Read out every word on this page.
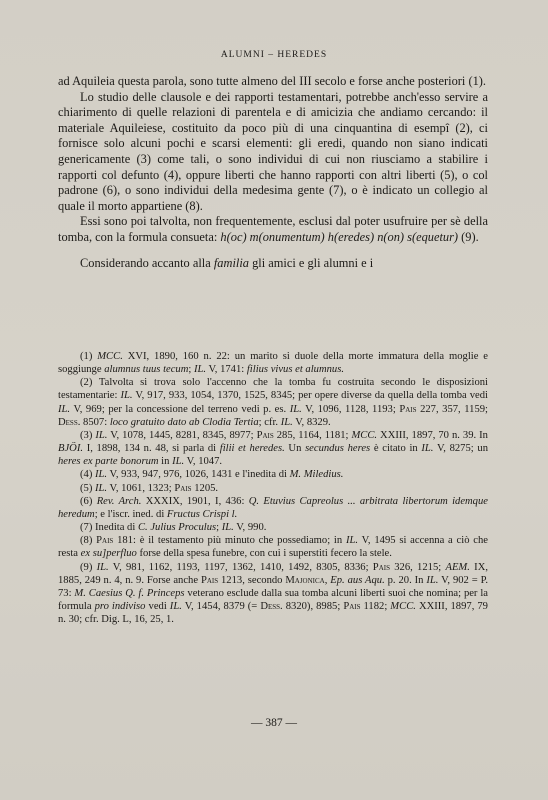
ALUMNI – HEREDES

ad Aquileia questa parola, sono tutte almeno del III secolo e forse anche posteriori (1).

Lo studio delle clausole e dei rapporti testamentari, potrebbe anch'esso servire a chiarimento di quelle relazioni di parentela e di amicizia che andiamo cercando: il materiale Aquileiese, costituito da poco più di una cinquantina di esempî (2), ci fornisce solo alcuni pochi e scarsi elementi: gli eredi, quando non siano indicati genericamente (3) come tali, o sono individui di cui non riusciamo a stabilire i rapporti col defunto (4), oppure liberti che hanno rapporti con altri liberti (5), o col padrone (6), o sono individui della medesima gente (7), o è indicato un collegio al quale il morto appartiene (8).

Essi sono poi talvolta, non frequentemente, esclusi dal poter usufruire per sè della tomba, con la formula consueta: h(oc) m(onumentum) h(eredes) n(on) s(equetur) (9).

Considerando accanto alla familia gli amici e gli alumni e i

(1) MCC. XVI, 1890, 160 n. 22: un marito si duole della morte immatura della moglie e soggiunge alumnus tuus tecum; IL. V, 1741: filius vivus et alumnus.

(2) Talvolta si trova solo l'accenno che la tomba fu costruita secondo le disposizioni testamentarie: IL. V, 917, 933, 1054, 1370, 1525, 8345; per opere diverse da quella della tomba vedi IL. V, 969; per la concessione del terreno vedi p. es. IL. V, 1096, 1128, 1193; Pais 227, 357, 1159; Dess. 8507: loco gratuito dato ab Clodia Tertia; cfr. IL. V, 8329.

(3) IL. V, 1078, 1445, 8281, 8345, 8977; Pais 285, 1164, 1181; MCC. XXIII, 1897, 70 n. 39. In BJÖI. I, 1898, 134 n. 48, si parla di filii et heredes. Un secundus heres è citato in IL. V, 8275; un heres ex parte bonorum in IL. V, 1047.

(4) IL. V, 933, 947, 976, 1026, 1431 e l'inedita di M. Miledius.

(5) IL. V, 1061, 1323; Pais 1205.

(6) Rev. Arch. XXXIX, 1901, I, 436: Q. Etuvius Capreolus ... arbitrata libertorum idemque heredum; e l'iscr. ined. di Fructus Crispi l.

(7) Inedita di C. Julius Proculus; IL. V, 990.

(8) Pais 181: è il testamento più minuto che possediamo; in IL. V, 1495 si accenna a ciò che resta ex su]perfluo forse della spesa funebre, con cui i superstiti fecero la stele.

(9) IL. V, 981, 1162, 1193, 1197, 1362, 1410, 1492, 8305, 8336; Pais 326, 1215; AEM. IX, 1885, 249 n. 4, n. 9. Forse anche Pais 1213, secondo Majonica, Ep. aus Aqu. p. 20. In IL. V, 902 = P. 73: M. Caesius Q. f. Princeps veterano esclude dalla sua tomba alcuni liberti suoi che nomina; per la formula pro indiviso vedi IL. V, 1454, 8379 (= Dess. 8320), 8985; Pais 1182; MCC. XXIII, 1897, 79 n. 30; cfr. Dig. L, 16, 25, 1.

— 387 —
